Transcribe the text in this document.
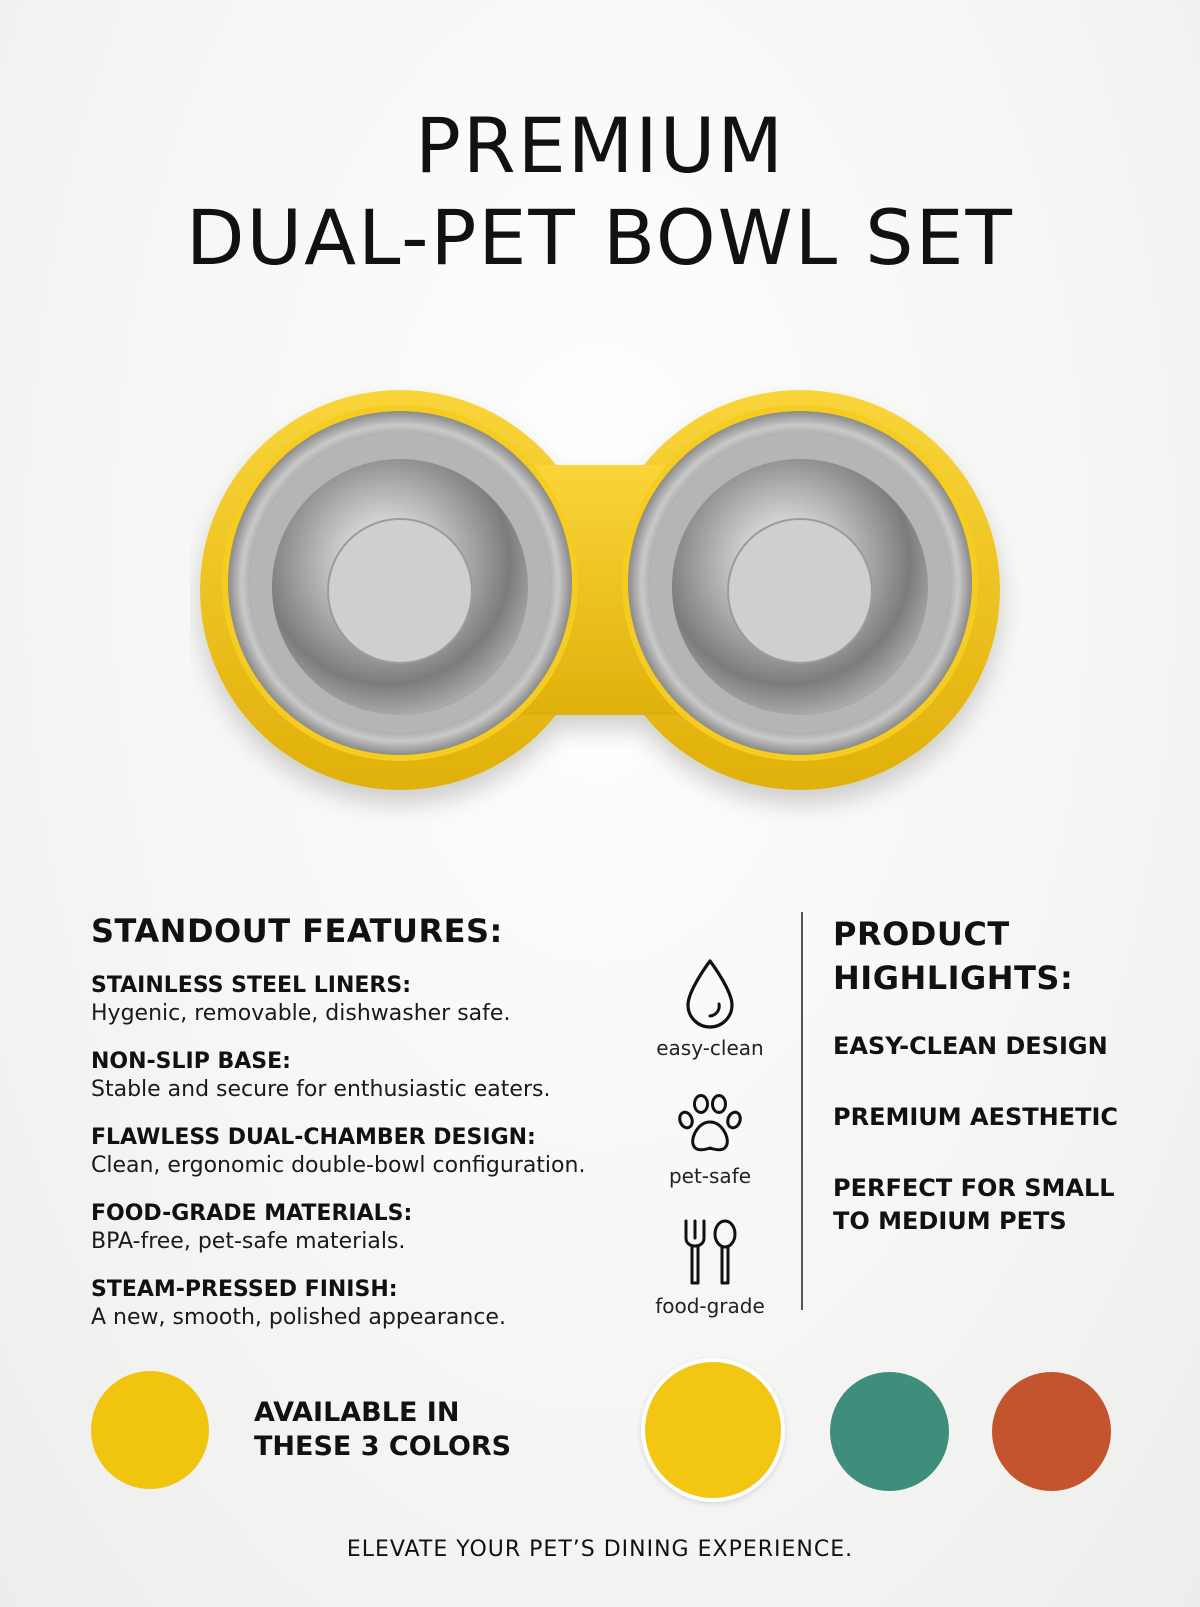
PREMIUM
DUAL-PET BOWL SET
STANDOUT FEATURES:
STAINLESS STEEL LINERS:
Hygenic, removable, dishwasher safe.
NON-SLIP BASE:
Stable and secure for enthusiastic eaters.
FLAWLESS DUAL-CHAMBER DESIGN:
Clean, ergonomic double-bowl configuration.
FOOD-GRADE MATERIALS:
BPA-free, pet-safe materials.
STEAM-PRESSED FINISH:
A new, smooth, polished appearance.
easy-clean
pet-safe
food-grade
PRODUCT
HIGHLIGHTS:
EASY-CLEAN DESIGN
PREMIUM AESTHETIC
PERFECT FOR SMALL
TO MEDIUM PETS
AVAILABLE IN
THESE 3 COLORS
ELEVATE YOUR PET’S DINING EXPERIENCE.
